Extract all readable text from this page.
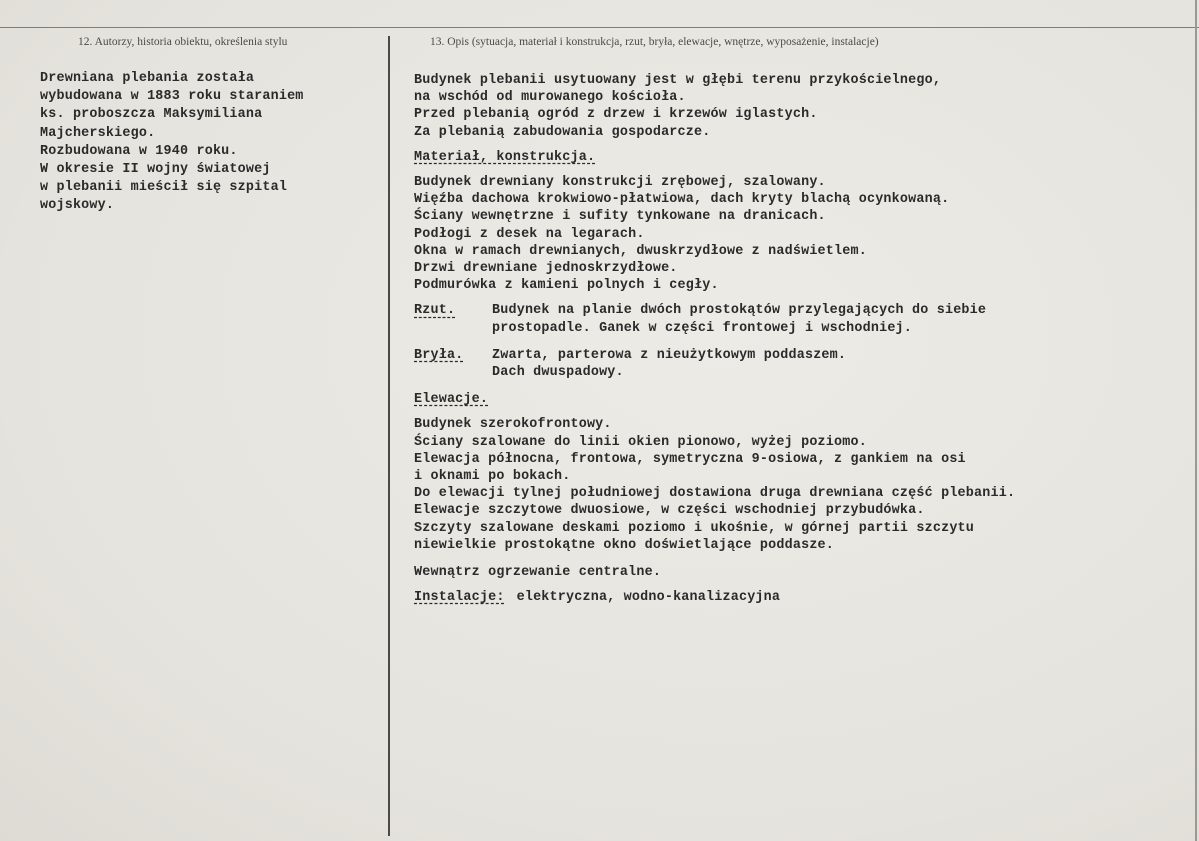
12. Autorzy, historia obiektu, określenia stylu	13. Opis (sytuacja, materiał i konstrukcja, rzut, bryła, elewacje, wnętrze, wyposażenie, instalacje)
Drewniana plebania została
wybudowana w 1883 roku staraniem
ks. proboszcza Maksymiliana
Majcherskiego.
Rozbudowana w 1940 roku.
W okresie II wojny światowej
w plebanii mieścił się szpital
wojskowy.
Budynek plebanii usytuowany jest w głębi terenu przykościelnego,
na wschód od murowanego kościoła.
Przed plebanią ogród z drzew i krzewów iglastych.
Za plebanią zabudowania gospodarcze.
Materiał, konstrukcja.
Budynek drewniany konstrukcji zrębowej, szalowany.
Więźba dachowa krokwiowo-płatwiowa, dach kryty blachą ocynkowaną.
Ściany wewnętrzne i sufity tynkowane na dranicach.
Podłogi z desek na legarach.
Okna w ramach drewnianych, dwuskrzydłowe z nadświetlem.
Drzwi drewniane jednoskrzydłowe.
Podmurówka z kamieni polnych i cegły.
Rzut.	Budynek na planie dwóch prostokątów przylegających do siebie
prostopadle. Ganek w części frontowej i wschodniej.
Bryła.	Zwarta, parterowa z nieużytkowym poddaszem.
Dach dwuspadowy.
Elewacje.
Budynek szerokofrontowy.
Ściany szalowane do linii okien pionowo, wyżej poziomo.
Elewacja północna, frontowa, symetryczna 9-osiowa, z gankiem na osi
i oknami po bokach.
Do elewacji tylnej południowej dostawiona druga drewniana część plebanii.
Elewacje szczytowe dwuosiowe, w części wschodniej przybudówka.
Szczyty szalowane deskami poziomo i ukośnie, w górnej partii szczytu
niewielkie prostokątne okno doświetlające poddasze.
Wewnątrz ogrzewanie centralne.
Instalacje: elektryczna, wodno-kanalizacyjna
